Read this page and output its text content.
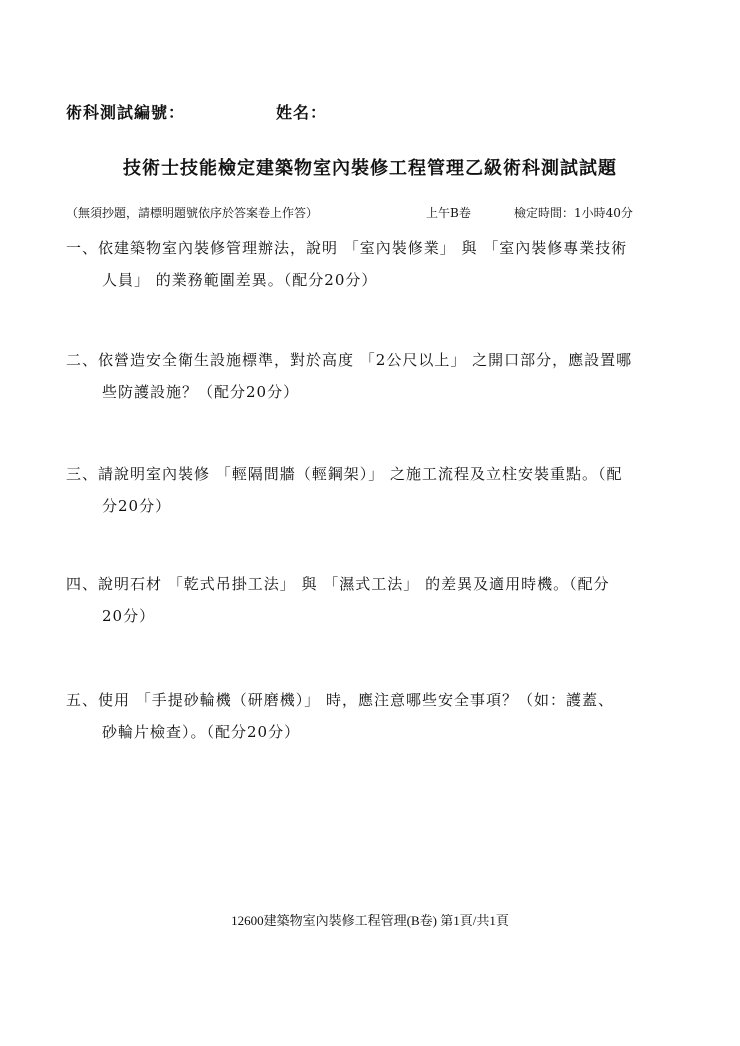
術科測試編號：	姓名：
技術士技能檢定建築物室內裝修工程管理乙級術科測試試題
（無須抄題，請標明題號依序於答案卷上作答）	上午B卷	檢定時間：1小時40分
一、依建築物室內裝修管理辦法，說明 「室內裝修業」 與 「室內裝修專業技術
人員」 的業務範圍差異。（配分20分）
二、依營造安全衛生設施標準，對於高度 「2公尺以上」 之開口部分，應設置哪
些防護設施？（配分20分）
三、請說明室內裝修 「輕隔間牆（輕鋼架）」 之施工流程及立柱安裝重點。（配
分20分）
四、說明石材 「乾式吊掛工法」 與 「濕式工法」 的差異及適用時機。（配分
20分）
五、使用 「手提砂輪機（研磨機）」 時，應注意哪些安全事項？（如：護蓋、
砂輪片檢查）。（配分20分）
12600建築物室內裝修工程管理(B卷) 第1頁/共1頁
